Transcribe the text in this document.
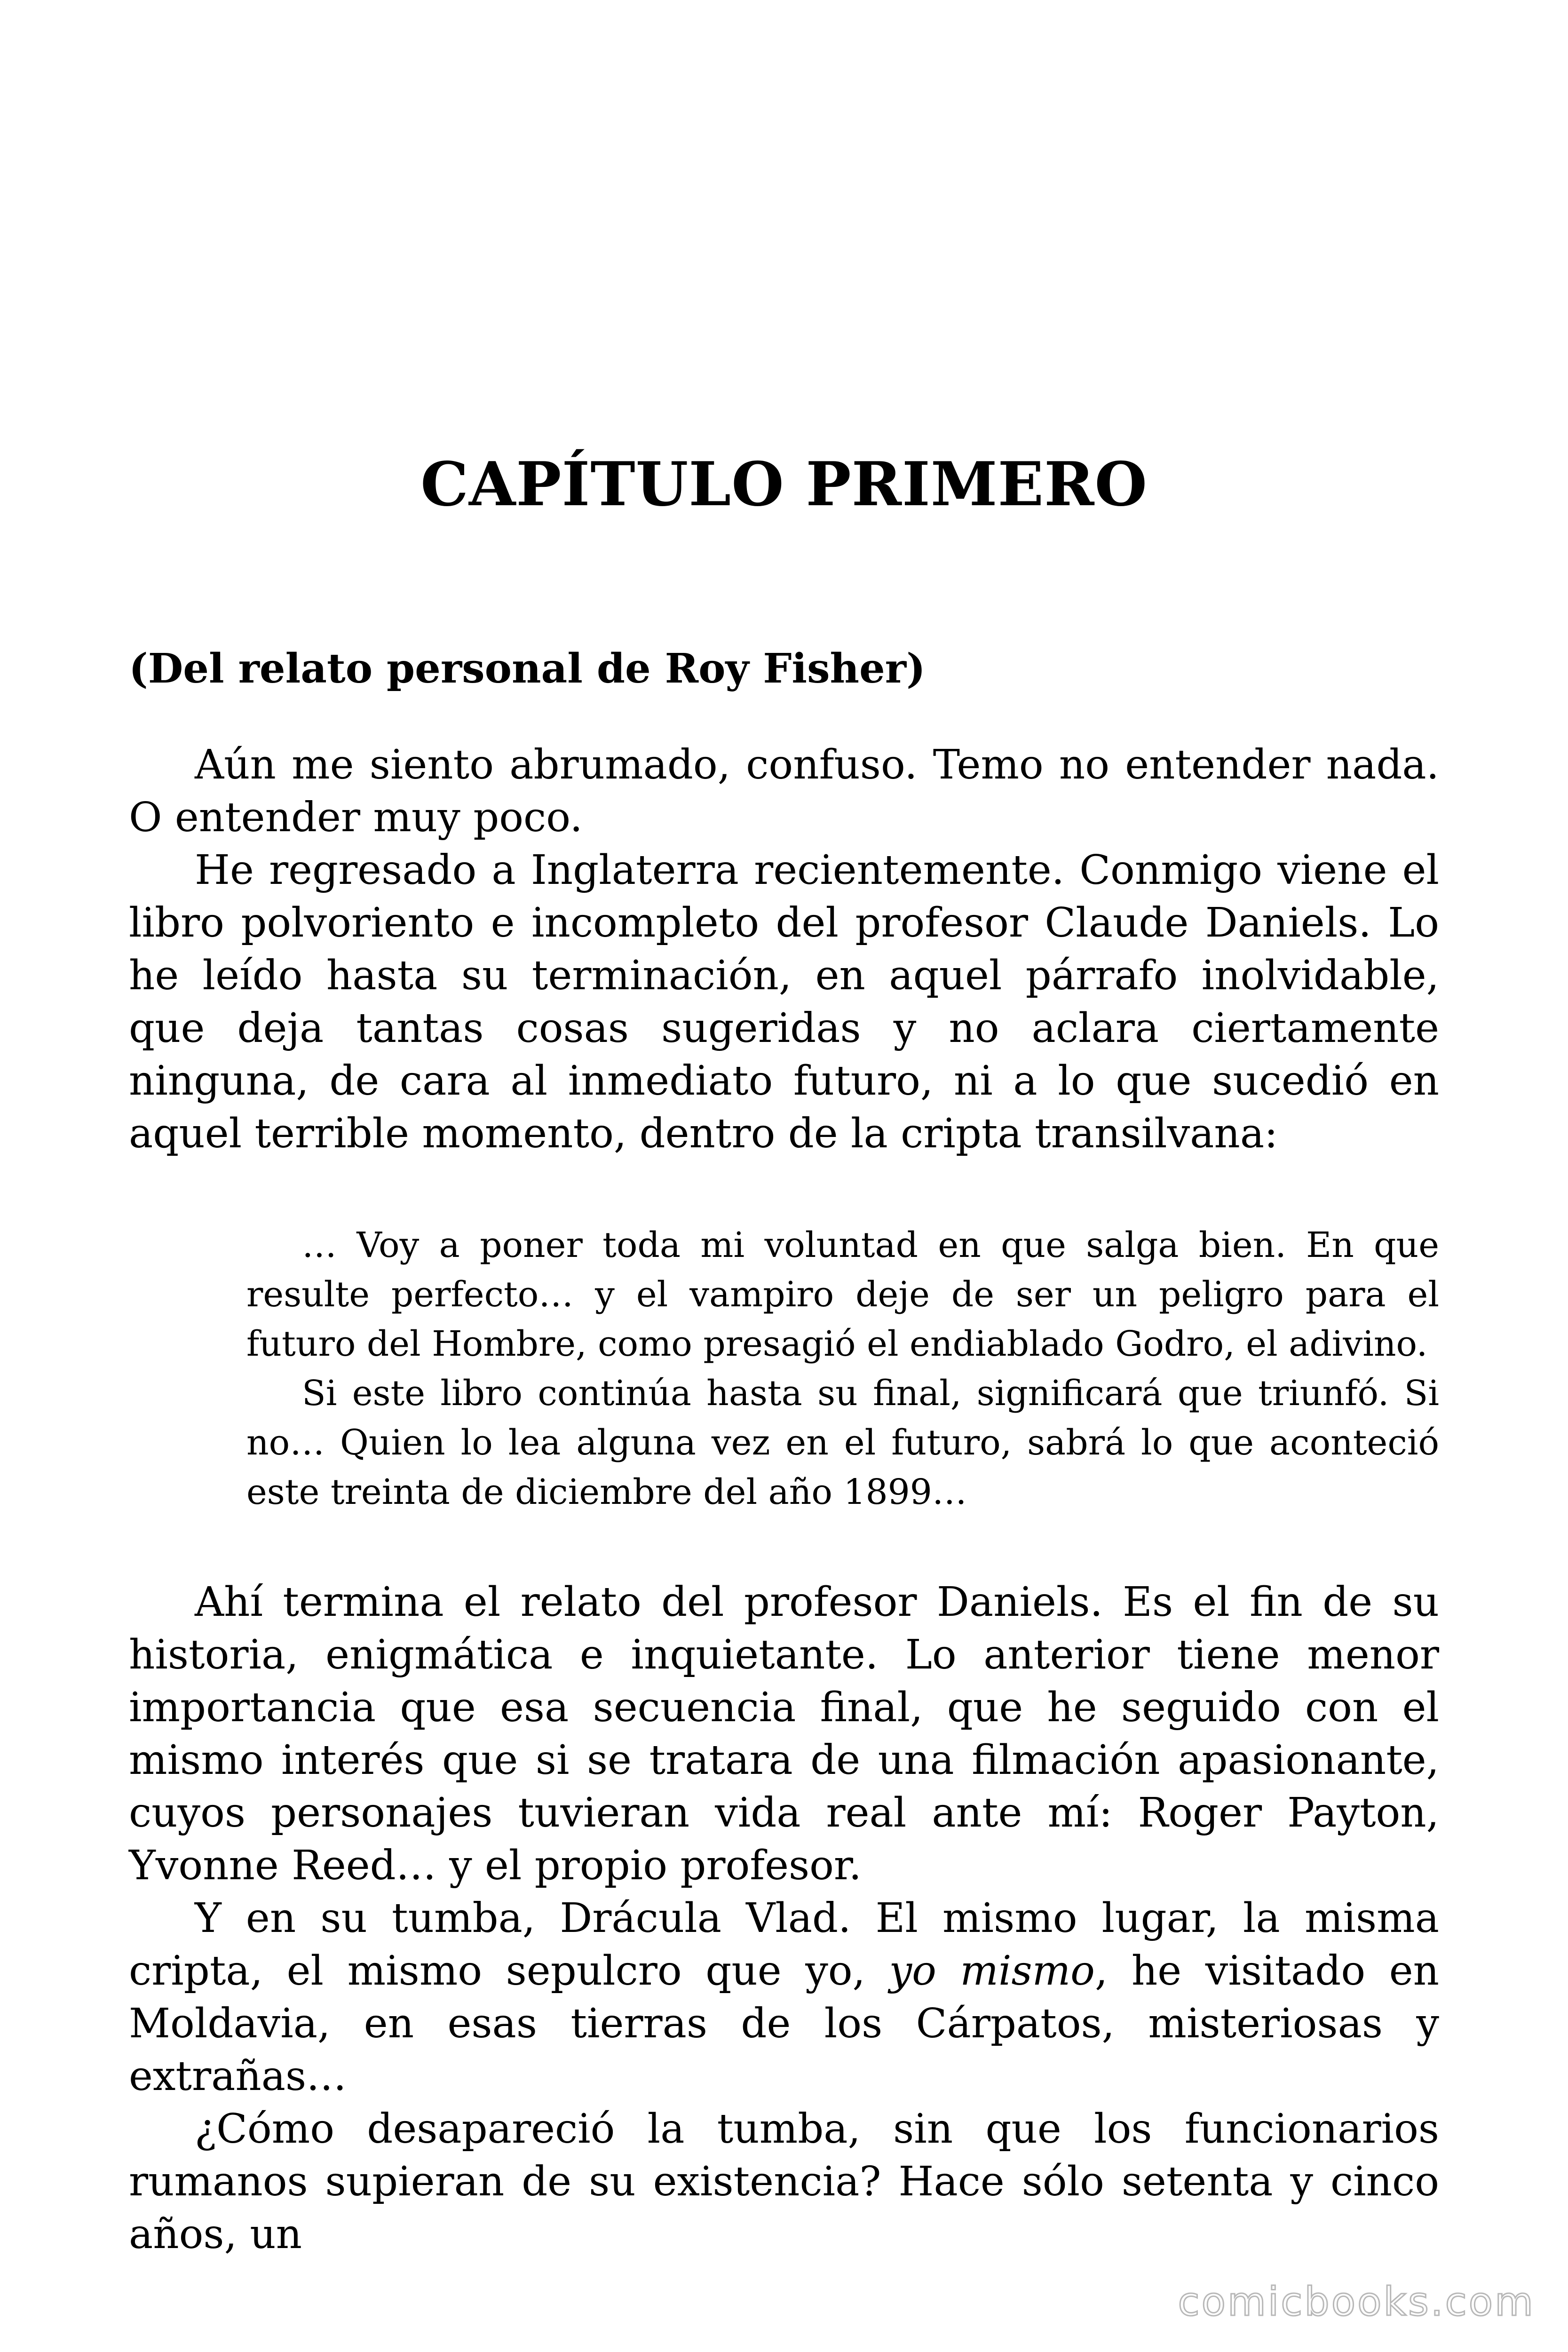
CAPÍTULO PRIMERO
(Del relato personal de Roy Fisher)

Aún me siento abrumado, confuso. Temo no entender nada. O entender muy poco.

He regresado a Inglaterra recientemente. Conmigo viene el libro polvoriento e incompleto del profesor Claude Daniels. Lo he leído hasta su terminación, en aquel párrafo inolvidable, que deja tantas cosas sugeridas y no aclara ciertamente ninguna, de cara al inmediato futuro, ni a lo que sucedió en aquel terrible momento, dentro de la cripta transilvana:

… Voy a poner toda mi voluntad en que salga bien. En que resulte perfecto… y el vampiro deje de ser un peligro para el futuro del Hombre, como presagió el endiablado Godro, el adivino.

Si este libro continúa hasta su final, significará que triunfó. Si no… Quien lo lea alguna vez en el futuro, sabrá lo que aconteció este treinta de diciembre del año 1899…

Ahí termina el relato del profesor Daniels. Es el fin de su historia, enigmática e inquietante. Lo anterior tiene menor importancia que esa secuencia final, que he seguido con el mismo interés que si se tratara de una filmación apasionante, cuyos personajes tuvieran vida real ante mí: Roger Payton, Yvonne Reed… y el propio profesor.

Y en su tumba, Drácula Vlad. El mismo lugar, la misma cripta, el mismo sepulcro que yo, yo mismo, he visitado en Moldavia, en esas tierras de los Cárpatos, misteriosas y extrañas…

¿Cómo desapareció la tumba, sin que los funcionarios rumanos supieran de su existencia? Hace sólo setenta y cinco años, un

comicbooks.com
